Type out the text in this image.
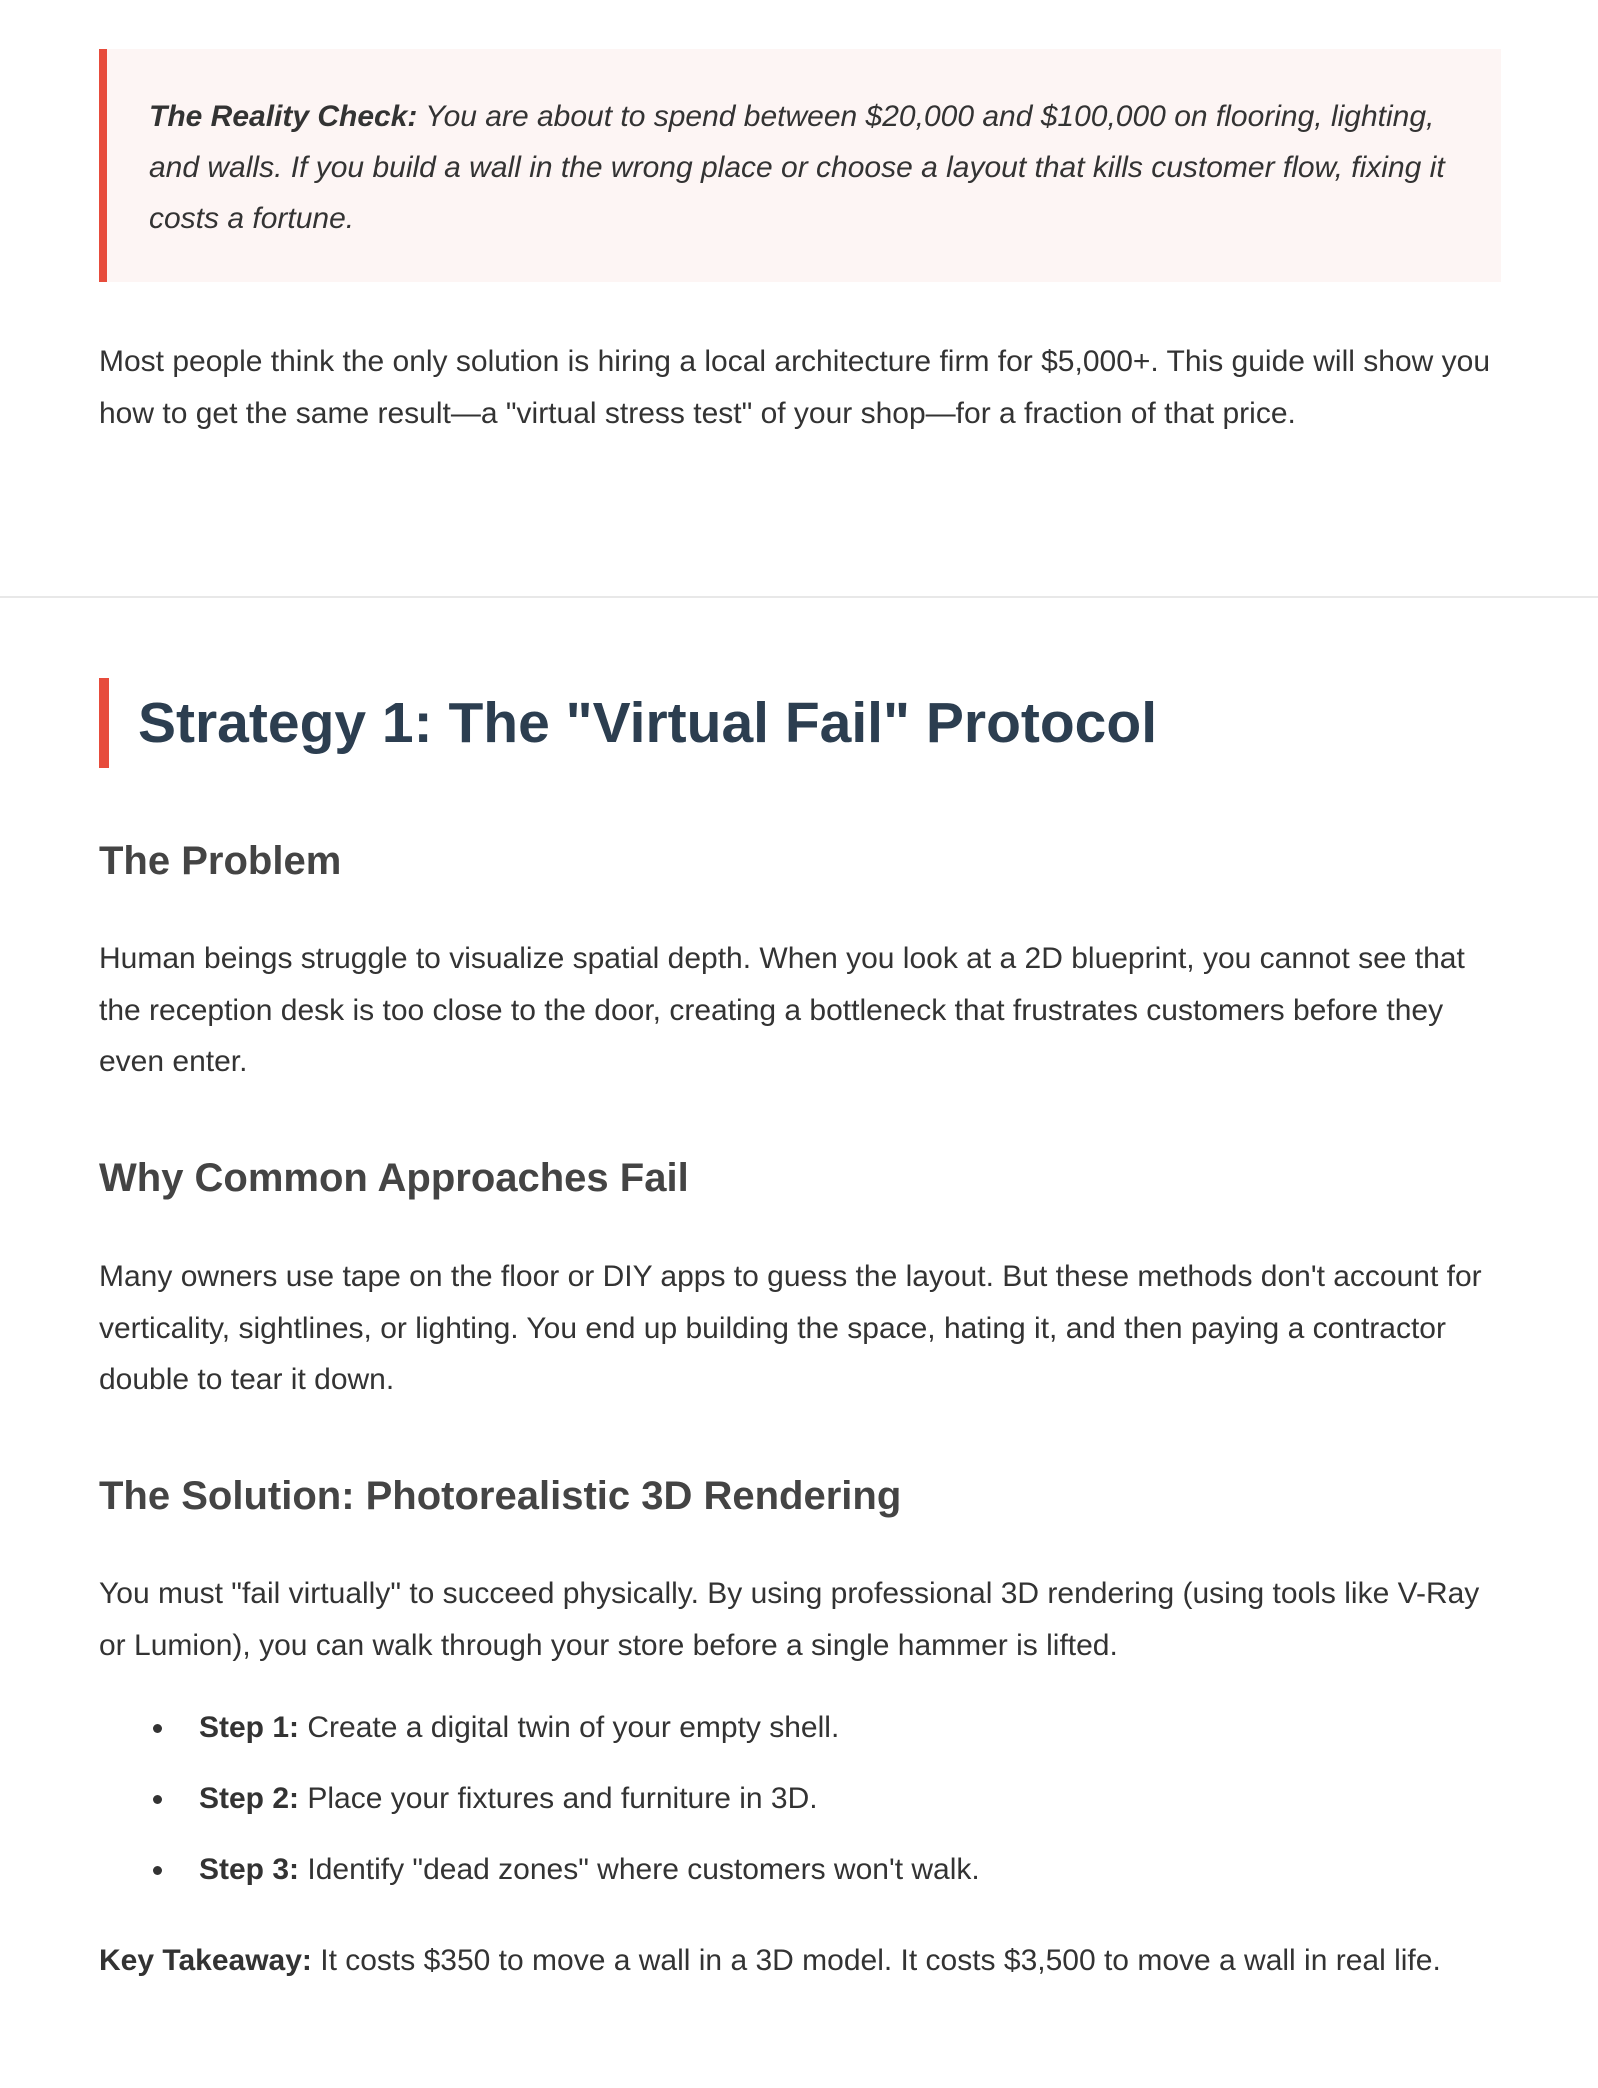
The Reality Check: You are about to spend between $20,000 and $100,000 on flooring, lighting, and walls. If you build a wall in the wrong place or choose a layout that kills customer flow, fixing it costs a fortune.

Most people think the only solution is hiring a local architecture firm for $5,000+. This guide will show you how to get the same result—a "virtual stress test" of your shop—for a fraction of that price.

Strategy 1: The "Virtual Fail" Protocol
The Problem

Human beings struggle to visualize spatial depth. When you look at a 2D blueprint, you cannot see that the reception desk is too close to the door, creating a bottleneck that frustrates customers before they even enter.

Why Common Approaches Fail

Many owners use tape on the floor or DIY apps to guess the layout. But these methods don't account for verticality, sightlines, or lighting. You end up building the space, hating it, and then paying a contractor double to tear it down.

The Solution: Photorealistic 3D Rendering

You must "fail virtually" to succeed physically. By using professional 3D rendering (using tools like V-Ray or Lumion), you can walk through your store before a single hammer is lifted.

Step 1: Create a digital twin of your empty shell.
Step 2: Place your fixtures and furniture in 3D.
Step 3: Identify "dead zones" where customers won't walk.

Key Takeaway: It costs $350 to move a wall in a 3D model. It costs $3,500 to move a wall in real life.
